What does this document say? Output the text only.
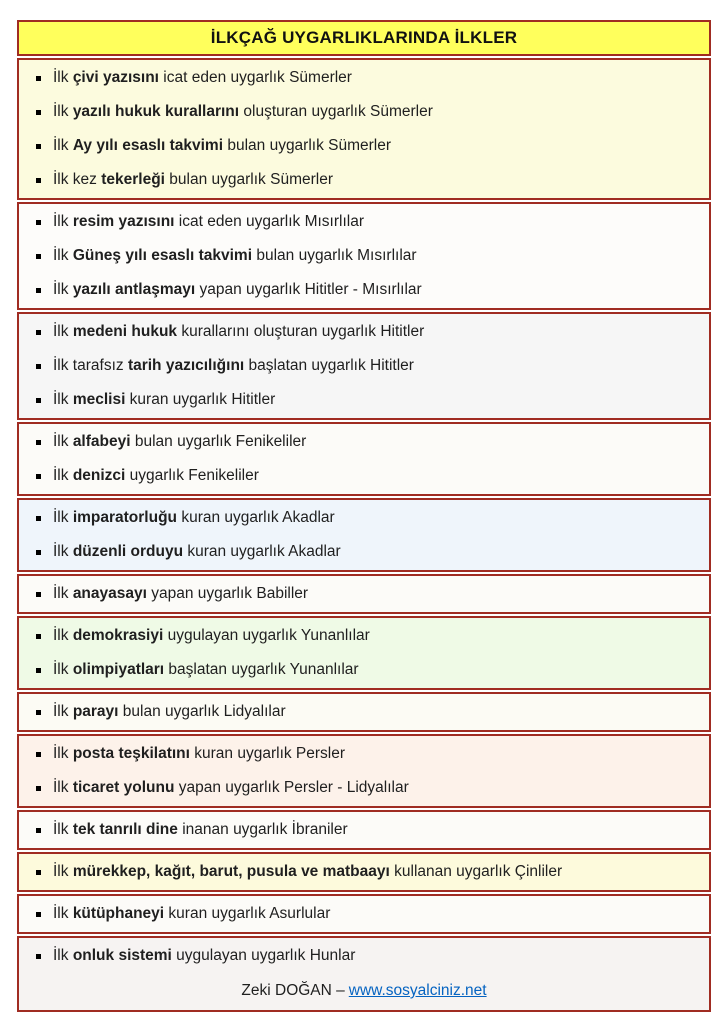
İLKÇAĞ UYGARLIKLARINDA İLKLER
İlk çivi yazısını icat eden uygarlık Sümerler
İlk yazılı hukuk kurallarını oluşturan uygarlık Sümerler
İlk Ay yılı esaslı takvimi bulan uygarlık Sümerler
İlk kez tekerleği bulan uygarlık Sümerler
İlk resim yazısını icat eden uygarlık Mısırlılar
İlk Güneş yılı esaslı takvimi bulan uygarlık Mısırlılar
İlk yazılı antlaşmayı yapan uygarlık Hititler - Mısırlılar
İlk medeni hukuk kurallarını oluşturan uygarlık Hititler
İlk tarafsız tarih yazıcılığını başlatan uygarlık Hititler
İlk meclisi kuran uygarlık Hititler
İlk alfabeyi bulan uygarlık Fenikeliler
İlk denizci uygarlık Fenikeliler
İlk imparatorluğu kuran uygarlık Akadlar
İlk düzenli orduyu kuran uygarlık Akadlar
İlk anayasayı yapan uygarlık Babiller
İlk demokrasiyi uygulayan uygarlık Yunanlılar
İlk olimpiyatları başlatan uygarlık Yunanlılar
İlk parayı bulan uygarlık Lidyalılar
İlk posta teşkilatını kuran uygarlık Persler
İlk ticaret yolunu yapan uygarlık Persler - Lidyalılar
İlk tek tanrılı dine inanan uygarlık İbraniler
İlk mürekkep, kağıt, barut, pusula ve matbaayı kullanan uygarlık Çinliler
İlk kütüphaneyi kuran uygarlık Asurlular
İlk onluk sistemi uygulayan uygarlık Hunlar
Zeki DOĞAN – www.sosyalciniz.net
